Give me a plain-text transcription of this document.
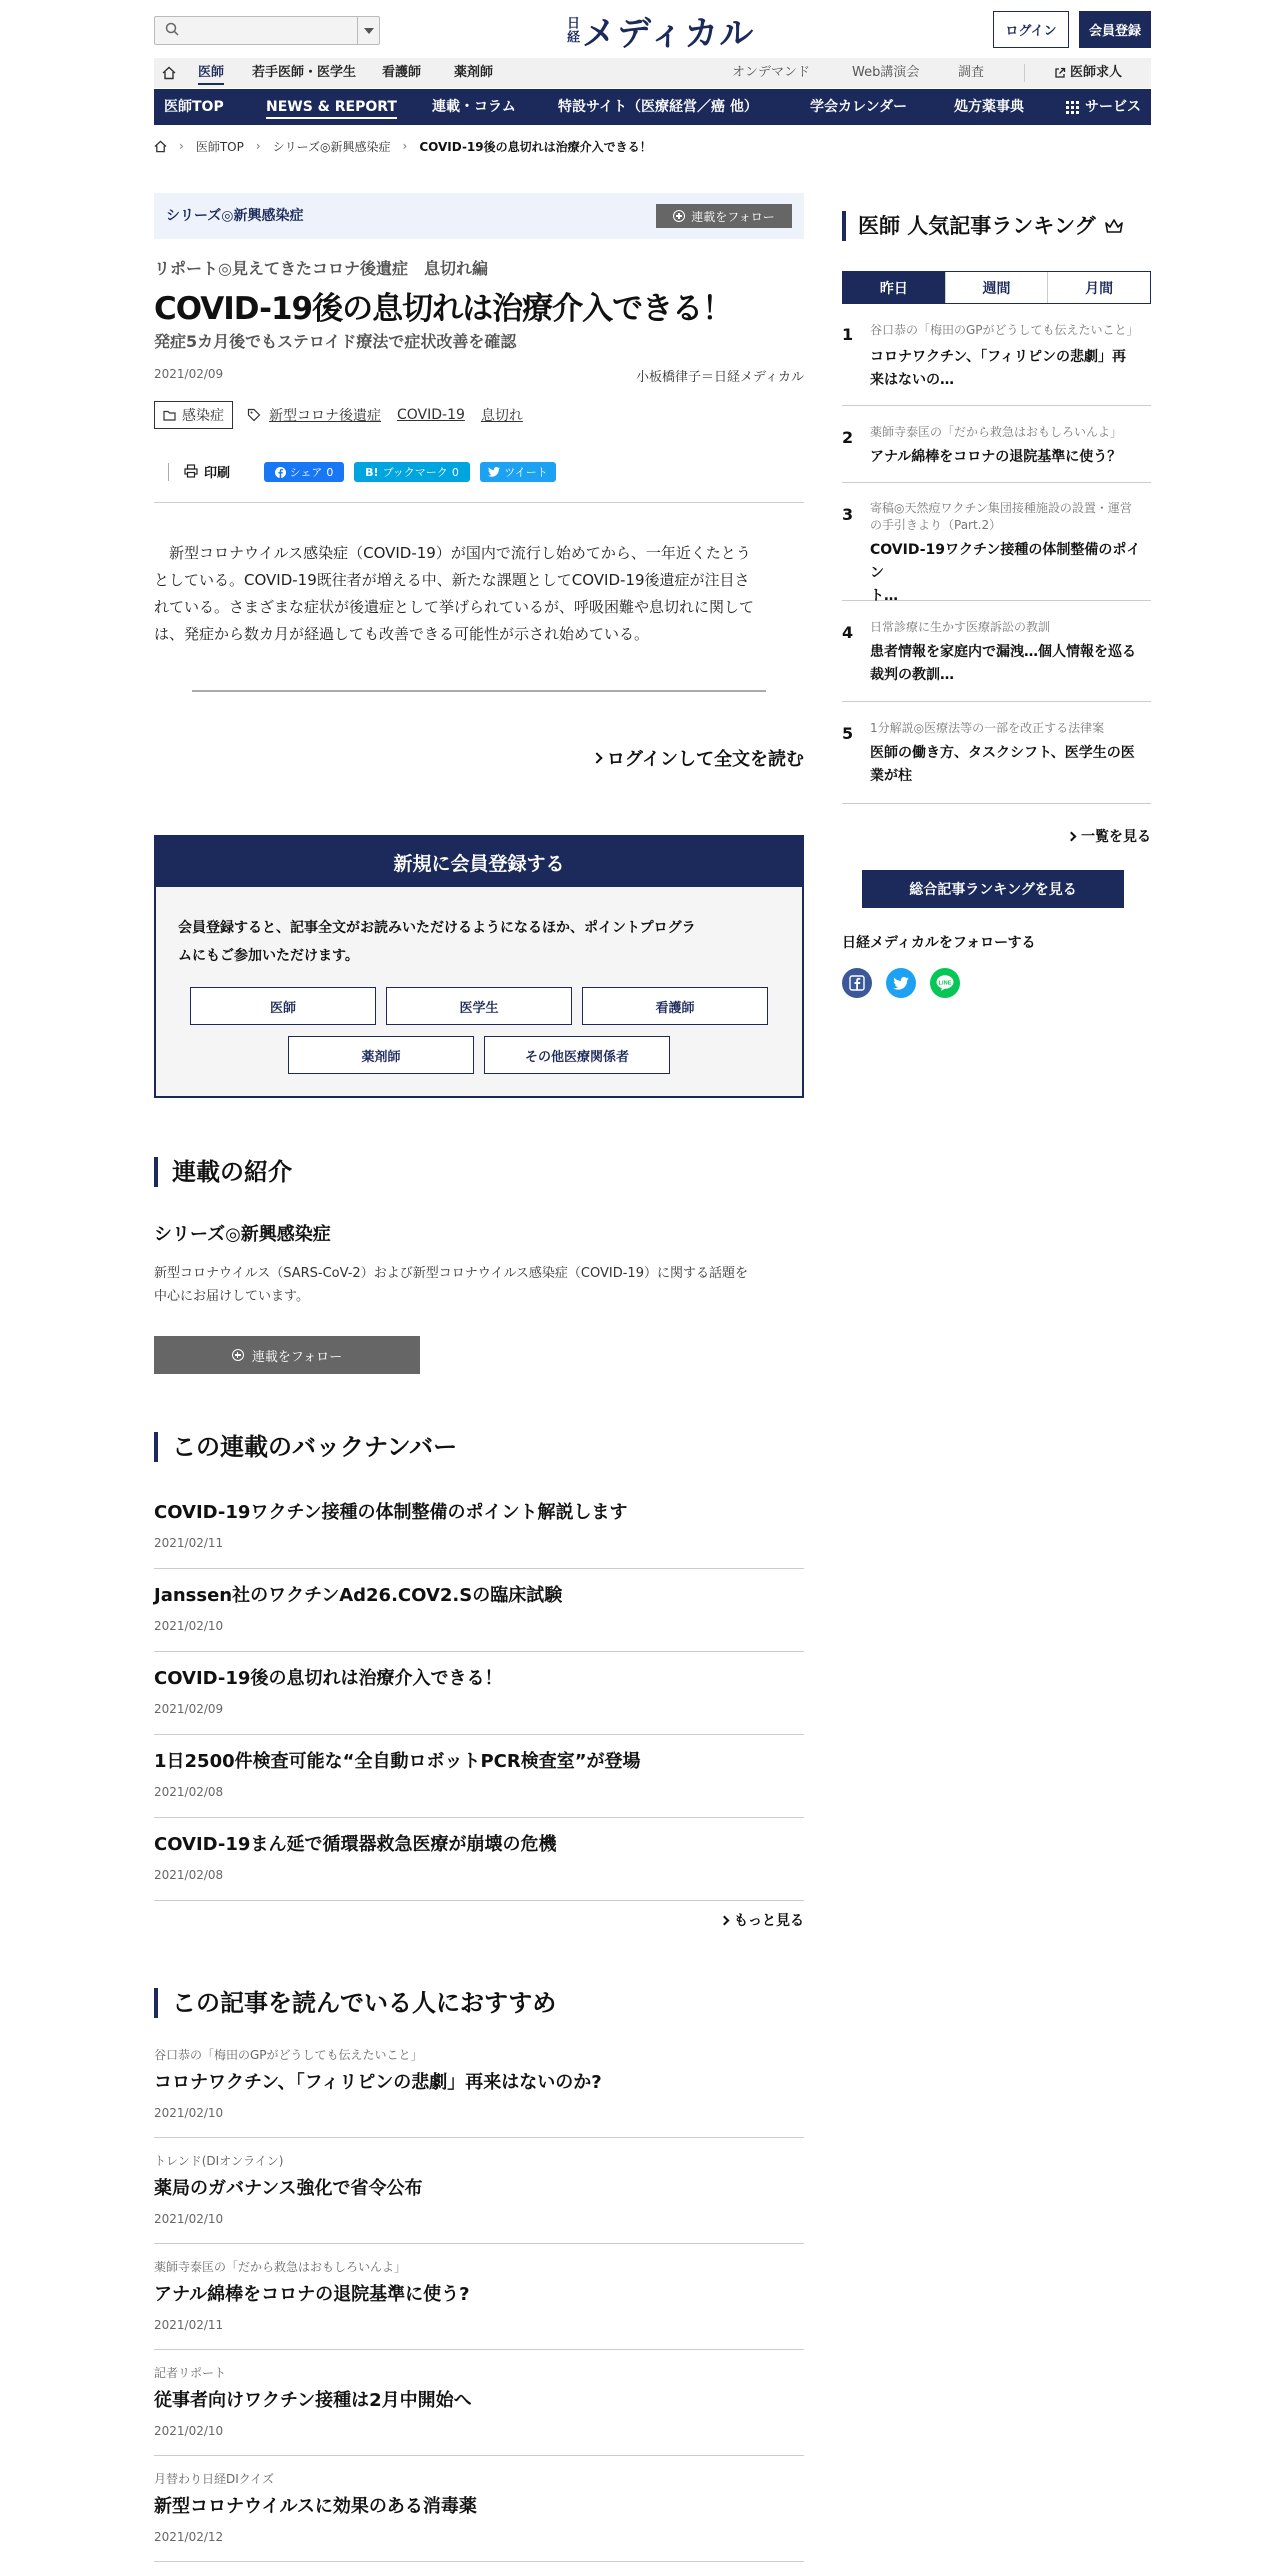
日経 メディカル	ログイン	会員登録
医師 若手医師・医学生 看護師	薬剤師	オンデマンド	Web講演会	調査	医師求人
医師TOP	NEWS & REPORT	連載・コラム	特設サイト（医療経営／癌 他）	学会カレンダー	処方薬事典	サービス
› 医師TOP › シリーズ◎新興感染症 › COVID-19後の息切れは治療介入できる！
シリーズ◎新興感染症	連載をフォロー
リポート◎見えてきたコロナ後遺症　息切れ編
COVID-19後の息切れは治療介入できる！
発症5カ月後でもステロイド療法で症状改善を確認
2021/02/09	小板橋律子＝日経メディカル
感染症	新型コロナ後遺症 COVID-19 息切れ
印刷	シェア 0	B! ブックマーク 0	ツイート
新型コロナウイルス感染症（COVID-19）が国内で流行し始めてから、一年近くたとう
としている。COVID-19既往者が増える中、新たな課題としてCOVID-19後遺症が注目さ
れている。さまざまな症状が後遺症として挙げられているが、呼吸困難や息切れに関して
は、発症から数カ月が経過しても改善できる可能性が示され始めている。
ログインして全文を読む
新規に会員登録する
会員登録すると、記事全文がお読みいただけるようになるほか、ポイントプログラ
ムにもご参加いただけます。
医師	医学生	看護師
薬剤師	その他医療関係者
連載の紹介
シリーズ◎新興感染症
新型コロナウイルス（SARS-CoV-2）および新型コロナウイルス感染症（COVID-19）に関する話題を
中心にお届けしています。
連載をフォロー
この連載のバックナンバー
COVID-19ワクチン接種の体制整備のポイント解説します
2021/02/11
Janssen社のワクチンAd26.COV2.Sの臨床試験
2021/02/10
COVID-19後の息切れは治療介入できる！
2021/02/09
1日2500件検査可能な“全自動ロボットPCR検査室”が登場
2021/02/08
COVID-19まん延で循環器救急医療が崩壊の危機
2021/02/08
もっと見る
この記事を読んでいる人におすすめ
谷口恭の「梅田のGPがどうしても伝えたいこと」
コロナワクチン、「フィリピンの悲劇」再来はないのか?
2021/02/10
トレンド(DIオンライン)
薬局のガバナンス強化で省令公布
2021/02/10
薬師寺泰匡の「だから救急はおもしろいんよ」
アナル綿棒をコロナの退院基準に使う?
2021/02/11
記者リポート
従事者向けワクチン接種は2月中開始へ
2021/02/10
月替わり日経DIクイズ
新型コロナウイルスに効果のある消毒薬
2021/02/12
医師 人気記事ランキング
昨日	週間	月間
1 谷口恭の「梅田のGPがどうしても伝えたいこと」
コロナワクチン、「フィリピンの悲劇」再
来はないの…
2 薬師寺泰匡の「だから救急はおもしろいんよ」
アナル綿棒をコロナの退院基準に使う？
3 寄稿◎天然痘ワクチン集団接種施設の設置・運営
の手引きより（Part.2）
COVID-19ワクチン接種の体制整備のポイン
ト…
4 日常診療に生かす医療訴訟の教訓
患者情報を家庭内で漏洩…個人情報を巡る
裁判の教訓…
5 1分解説◎医療法等の一部を改正する法律案
医師の働き方、タスクシフト、医学生の医
業が柱
一覧を見る
総合記事ランキングを見る
日経メディカルをフォローする
LINE
